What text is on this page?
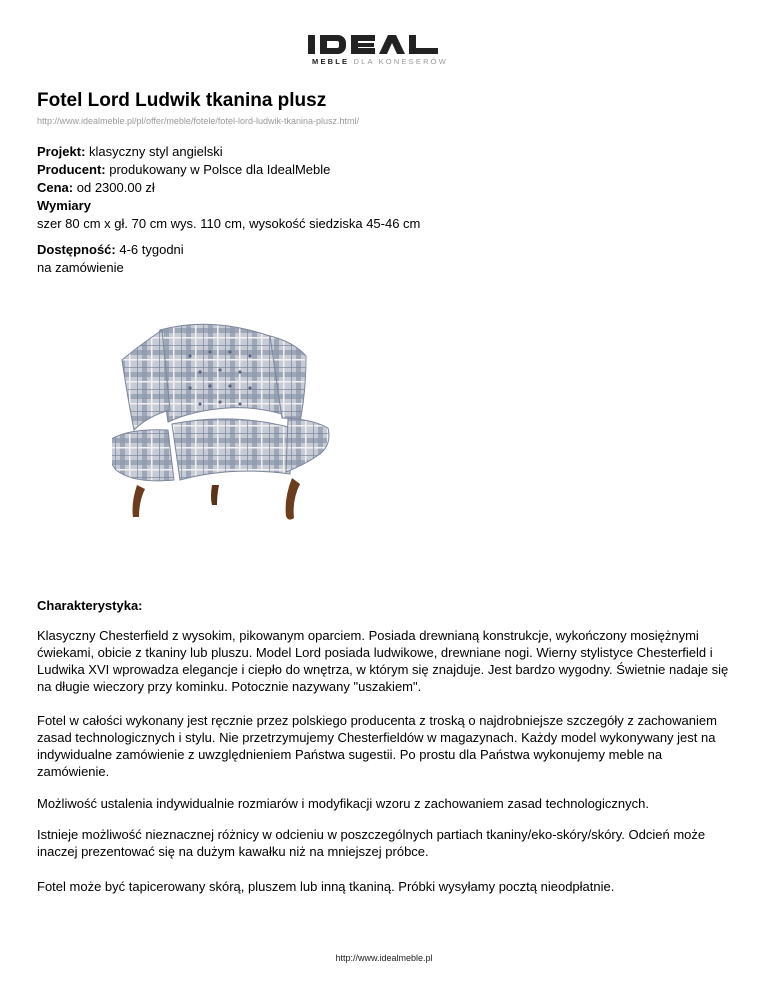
MEBLE DLA KONESERÓW
Fotel Lord Ludwik tkanina plusz
http://www.idealmeble.pl/pl/offer/meble/fotele/fotel-lord-ludwik-tkanina-plusz.html/
Projekt: klasyczny styl angielski
Producent: produkowany w Polsce dla IdealMeble
Cena: od 2300.00 zł
Wymiary
szer 80 cm x gł. 70 cm wys. 110 cm, wysokość siedziska 45-46 cm
Dostępność: 4-6 tygodni
na zamówienie
Charakterystyka:

Klasyczny Chesterfield z wysokim, pikowanym oparciem. Posiada drewnianą konstrukcje, wykończony mosiężnymi ćwiekami, obicie z tkaniny lub pluszu. Model Lord posiada ludwikowe, drewniane nogi. Wierny stylistyce Chesterfield i Ludwika XVI wprowadza elegancje i ciepło do wnętrza, w którym się znajduje. Jest bardzo wygodny. Świetnie nadaje się na długie wieczory przy kominku. Potocznie nazywany "uszakiem".

Fotel w całości wykonany jest ręcznie przez polskiego producenta z troską o najdrobniejsze szczegóły z zachowaniem zasad technologicznych i stylu. Nie przetrzymujemy Chesterfieldów w magazynach. Każdy model wykonywany jest na indywidualne zamówienie z uwzględnieniem Państwa sugestii. Po prostu dla Państwa wykonujemy meble na zamówienie.

Możliwość ustalenia indywidualnie rozmiarów i modyfikacji wzoru z zachowaniem zasad technologicznych.

Istnieje możliwość nieznacznej różnicy w odcieniu w poszczególnych partiach tkaniny/eko-skóry/skóry. Odcień może inaczej prezentować się na dużym kawałku niż na mniejszej próbce.

Fotel może być tapicerowany skórą, pluszem lub inną tkaniną. Próbki wysyłamy pocztą nieodpłatnie.

http://www.idealmeble.pl
